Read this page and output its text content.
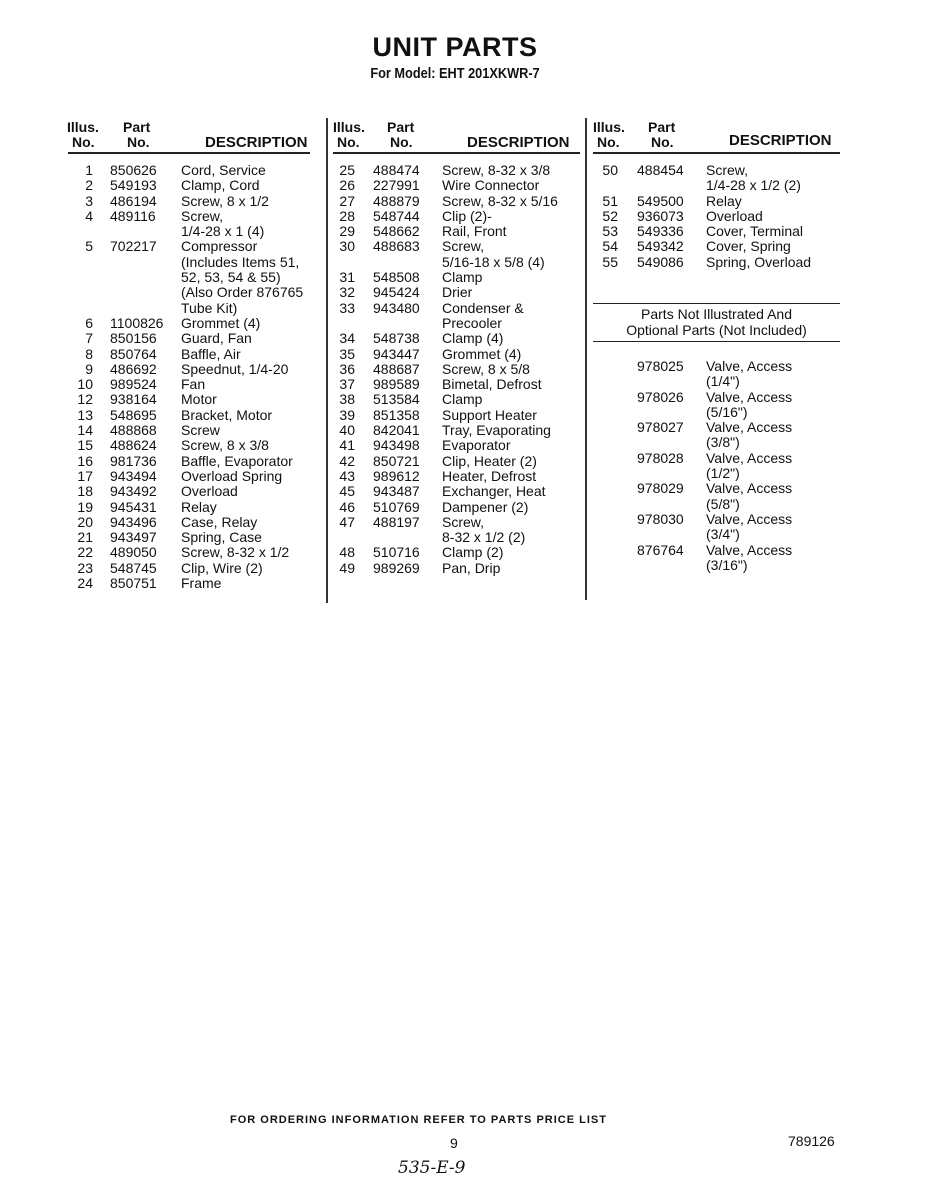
UNIT PARTS
For Model: EHT 201XKWR-7
Illus.
No.
Part
No.	DESCRIPTION
Illus.
No.
Part
No.	DESCRIPTION
Illus.
No.
Part
No.	DESCRIPTION
1 850626 Cord, Service
2 549193 Clamp, Cord
3 486194 Screw, 8 x 1/2
4 489116 Screw,
1/4-28 x 1 (4)
5 702217 Compressor
(Includes Items 51,
52, 53, 54 & 55)
(Also Order 876765
Tube Kit)
6 1100826 Grommet (4)
7 850156 Guard, Fan
8 850764 Baffle, Air
9 486692 Speednut, 1/4-20
10 989524 Fan
12 938164 Motor
13 548695 Bracket, Motor
14 488868 Screw
15 488624 Screw, 8 x 3/8
16 981736 Baffle, Evaporator
17 943494 Overload Spring
18 943492 Overload
19 945431 Relay
20 943496 Case, Relay
21 943497 Spring, Case
22 489050 Screw, 8-32 x 1/2
23 548745 Clip, Wire (2)
24 850751 Frame
25 488474 Screw, 8-32 x 3/8
26 227991 Wire Connector
27 488879 Screw, 8-32 x 5/16
28 548744 Clip (2)-
29 548662 Rail, Front
30 488683 Screw,
5/16-18 x 5/8 (4)
31 548508 Clamp
32 945424 Drier
33 943480 Condenser &
Precooler
34 548738 Clamp (4)
35 943447 Grommet (4)
36 488687 Screw, 8 x 5/8
37 989589 Bimetal, Defrost
38 513584 Clamp
39 851358 Support Heater
40 842041 Tray, Evaporating
41 943498 Evaporator
42 850721 Clip, Heater (2)
43 989612 Heater, Defrost
45 943487 Exchanger, Heat
46 510769 Dampener (2)
47 488197 Screw,
8-32 x 1/2 (2)
48 510716 Clamp (2)
49 989269 Pan, Drip
50 488454 Screw,
1/4-28 x 1/2 (2)
51 549500 Relay
52 936073 Overload
53 549336 Cover, Terminal
54 549342 Cover, Spring
55 549086 Spring, Overload
Parts Not Illustrated And
Optional Parts (Not Included)
978025 Valve, Access
(1/4")
978026 Valve, Access
(5/16")
978027 Valve, Access
(3/8")
978028 Valve, Access
(1/2")
978029 Valve, Access
(5/8")
978030 Valve, Access
(3/4")
876764 Valve, Access
(3/16")
FOR ORDERING INFORMATION REFER TO PARTS PRICE LIST
9	789126
535-E-9
